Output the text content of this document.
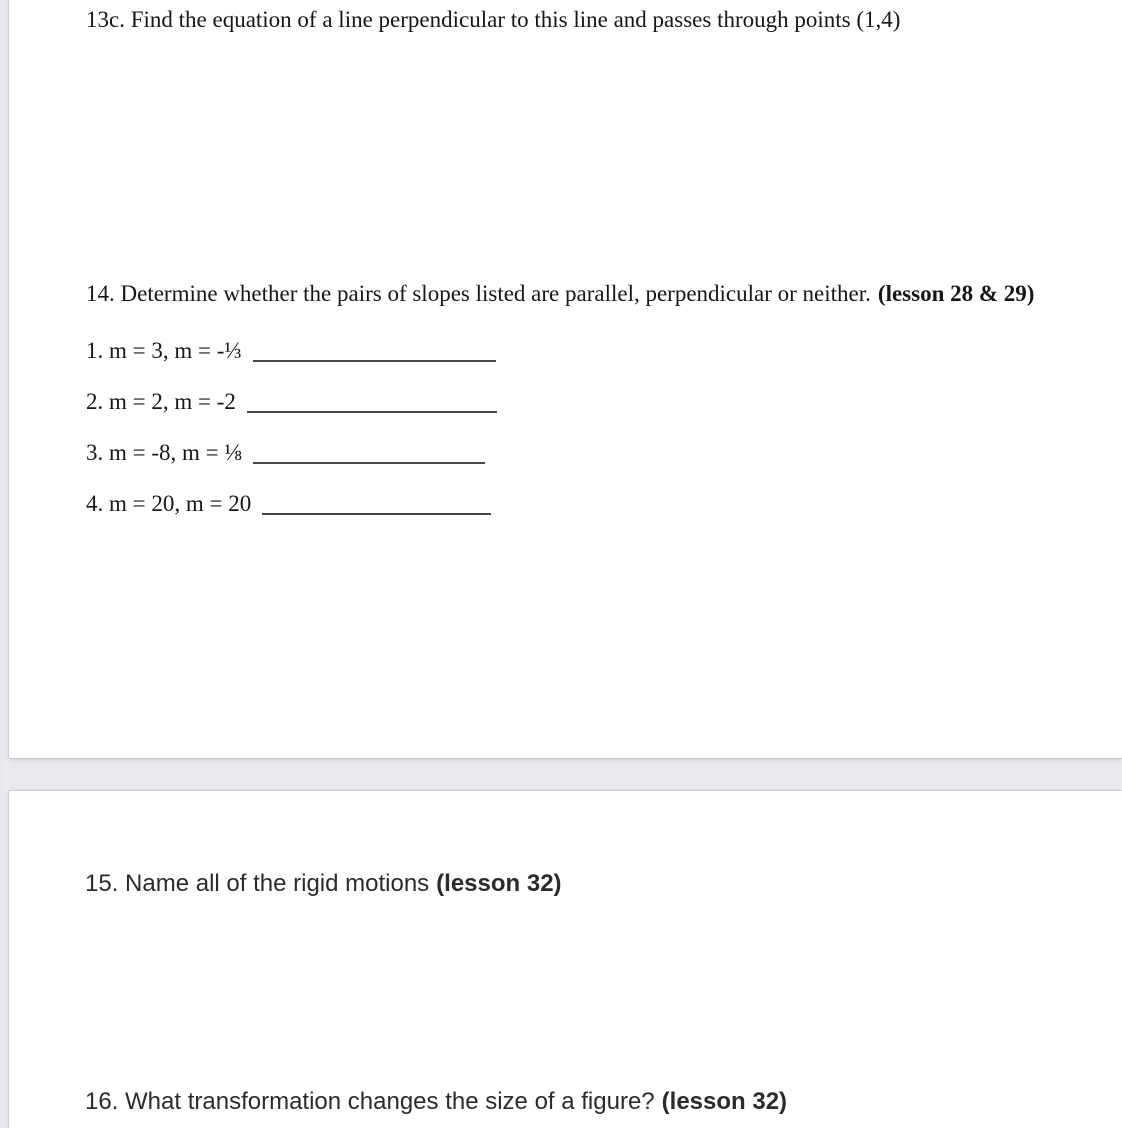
13c. Find the equation of a line perpendicular to this line and passes through points (1,4)
14. Determine whether the pairs of slopes listed are parallel, perpendicular or neither. (lesson 28 & 29)
1. m = 3, m = -⅓
2. m = 2, m = -2
3. m = -8, m = ⅛
4. m = 20, m = 20
15. Name all of the rigid motions (lesson 32)
16. What transformation changes the size of a figure? (lesson 32)
